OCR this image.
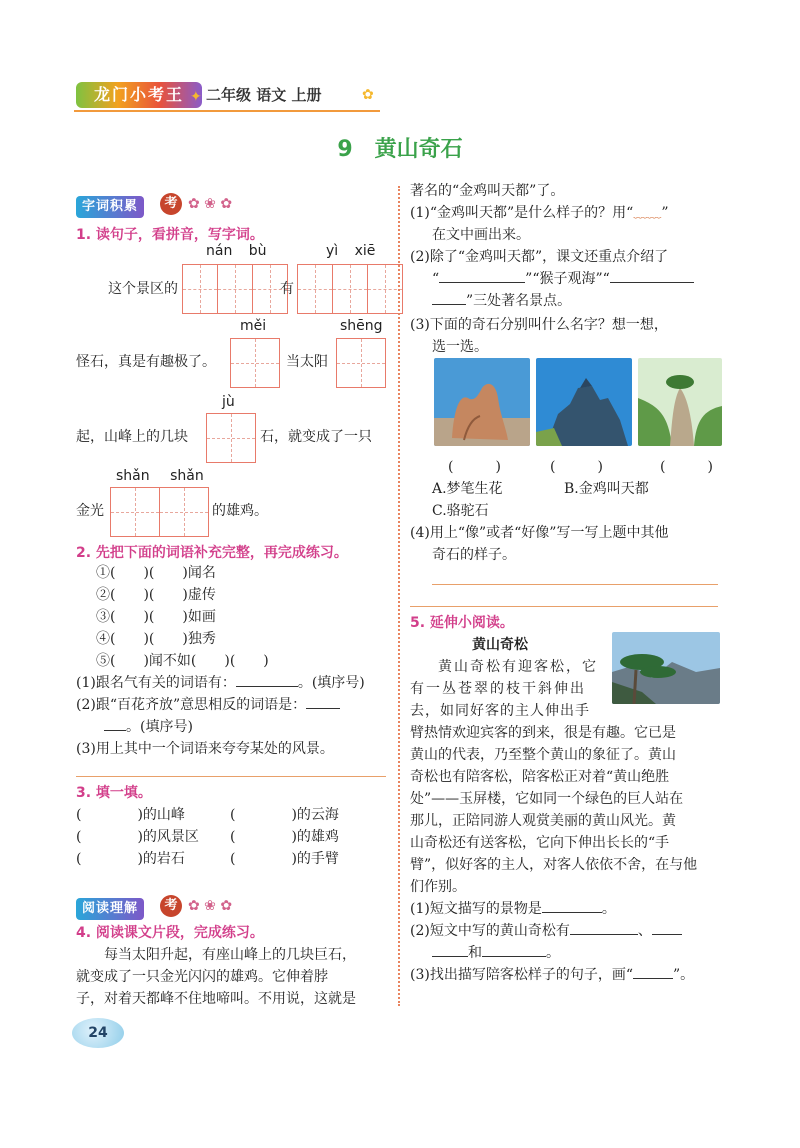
龙门小考王 ✦ 二年级 语文 上册	✿
9 黄山奇石
字词积累	考 ✿ ❀ ✿
1. 读句子，看拼音，写字词。
nán bù	yì xiē
这个景区的	有
měi	shēng
怪石，真是有趣极了。	当太阳
jù
起，山峰上的几块	石，就变成了一只
shǎn shǎn
金光	的雄鸡。
2. 先把下面的词语补充完整，再完成练习。
①(　　)(　　)闻名
②(　　)(　　)虚传
③(　　)(　　)如画
④(　　)(　　)独秀
⑤(　　)闻不如(　　)(　　)
(1)跟名气有关的词语有：	。(填序号)
(2)跟“百花齐放”意思相反的词语是：
。(填序号)
(3)用上其中一个词语来夸夸某处的风景。
3. 填一填。
(　　　　)的山峰	(　　　　)的云海
(　　　　)的风景区 (　　　　)的雄鸡
(　　　　)的岩石	(　　　　)的手臂
阅读理解	考 ✿ ❀ ✿
4. 阅读课文片段，完成练习。
每当太阳升起，有座山峰上的几块巨石，
就变成了一只金光闪闪的雄鸡。它伸着脖
子，对着天都峰不住地啼叫。不用说，这就是
24
著名的“金鸡叫天都”了。
(1)“金鸡叫天都”是什么样子的？用“﹏﹏”
在文中画出来。
(2)除了“金鸡叫天都”，课文还重点介绍了
“	”“猴子观海”“
”三处著名景点。
(3)下面的奇石分别叫什么名字？想一想，
选一选。
(　　　)	(　　　)	(　　　)
A.梦笔生花	B.金鸡叫天都
C.骆驼石
(4)用上“像”或者“好像”写一写上题中其他
奇石的样子。
5. 延伸小阅读。
黄山奇松
黄山奇松有迎客松，它
有一丛苍翠的枝干斜伸出
去，如同好客的主人伸出手
臂热情欢迎宾客的到来，很是有趣。它已是
黄山的代表，乃至整个黄山的象征了。黄山
奇松也有陪客松，陪客松正对着“黄山绝胜
处”——玉屏楼，它如同一个绿色的巨人站在
那儿，正陪同游人观赏美丽的黄山风光。黄
山奇松还有送客松，它向下伸出长长的“手
臂”，似好客的主人，对客人依依不舍，在与他
们作别。
(1)短文描写的景物是	。
(2)短文中写的黄山奇松有	、
和	。
(3)找出描写陪客松样子的句子，画“	”。
